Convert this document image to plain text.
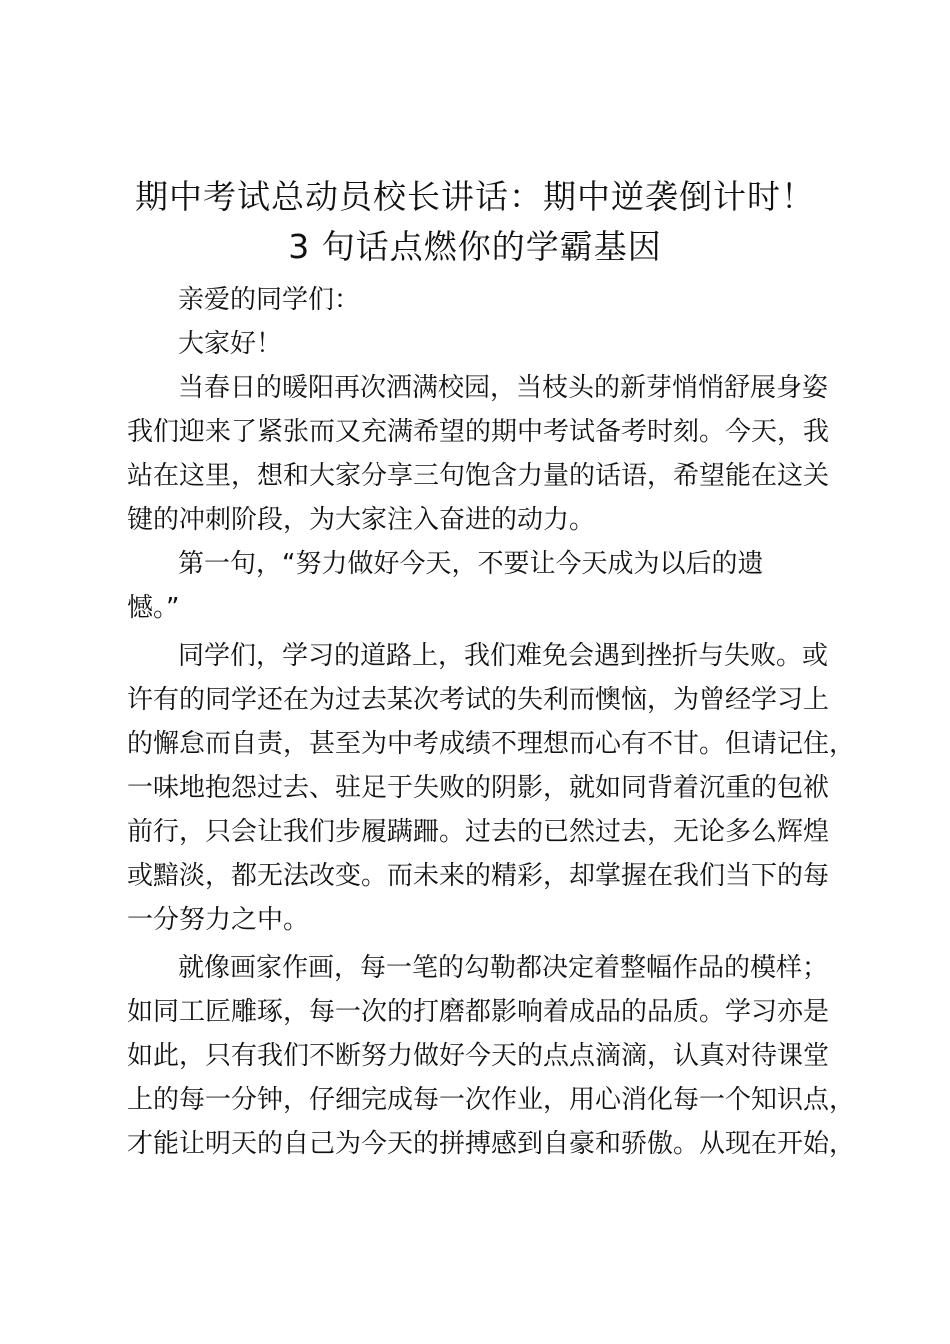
期中考试总动员校长讲话：期中逆袭倒计时！
3 句话点燃你的学霸基因

亲爱的同学们：

大家好！

当春日的暖阳再次洒满校园，当枝头的新芽悄悄舒展身姿

我们迎来了紧张而又充满希望的期中考试备考时刻。今天，我

站在这里，想和大家分享三句饱含力量的话语，希望能在这关

键的冲刺阶段，为大家注入奋进的动力。

第一句，“努力做好今天，不要让今天成为以后的遗

憾。”

同学们，学习的道路上，我们难免会遇到挫折与失败。或

许有的同学还在为过去某次考试的失利而懊恼，为曾经学习上

的懈怠而自责，甚至为中考成绩不理想而心有不甘。但请记住，

一味地抱怨过去、驻足于失败的阴影，就如同背着沉重的包袱

前行，只会让我们步履蹒跚。过去的已然过去，无论多么辉煌

或黯淡，都无法改变。而未来的精彩，却掌握在我们当下的每

一分努力之中。

就像画家作画，每一笔的勾勒都决定着整幅作品的模样；

如同工匠雕琢，每一次的打磨都影响着成品的品质。学习亦是

如此，只有我们不断努力做好今天的点点滴滴，认真对待课堂

上的每一分钟，仔细完成每一次作业，用心消化每一个知识点，

才能让明天的自己为今天的拼搏感到自豪和骄傲。从现在开始，
